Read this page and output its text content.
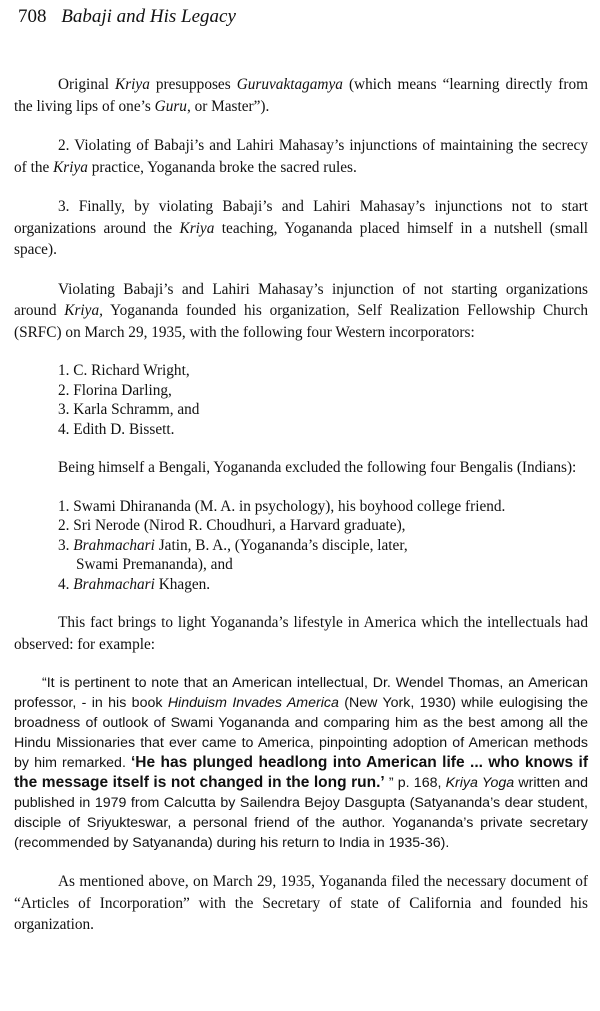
708 Babaji and His Legacy

Original Kriya presupposes Guruvaktagamya (which means “learning directly from the living lips of one’s Guru, or Master”).

2. Violating of Babaji’s and Lahiri Mahasay’s injunctions of maintaining the secrecy of the Kriya practice, Yogananda broke the sacred rules.

3. Finally, by violating Babaji’s and Lahiri Mahasay’s injunctions not to start organizations around the Kriya teaching, Yogananda placed himself in a nutshell (small space).

Violating Babaji’s and Lahiri Mahasay’s injunction of not starting organizations around Kriya, Yogananda founded his organization, Self Realization Fellowship Church (SRFC) on March 29, 1935, with the following four Western incorporators:

1. C. Richard Wright,
2. Florina Darling,
3. Karla Schramm, and
4. Edith D. Bissett.

Being himself a Bengali, Yogananda excluded the following four Bengalis (Indians):

1. Swami Dhirananda (M. A. in psychology), his boyhood college friend.
2. Sri Nerode (Nirod R. Choudhuri, a Harvard graduate),
3. Brahmachari Jatin, B. A., (Yogananda’s disciple, later,
Swami Premananda), and
4. Brahmachari Khagen.

This fact brings to light Yogananda’s lifestyle in America which the intellectuals had observed: for example:

“It is pertinent to note that an American intellectual, Dr. Wendel Thomas, an American professor, - in his book Hinduism Invades America (New York, 1930) while eulogising the broadness of outlook of Swami Yogananda and comparing him as the best among all the Hindu Missionaries that ever came to America, pinpointing adoption of American methods by him remarked. ‘He has plunged headlong into American life ... who knows if the message itself is not changed in the long run.’ ” p. 168, Kriya Yoga written and published in 1979 from Calcutta by Sailendra Bejoy Dasgupta (Satyananda’s dear student, disciple of Sriyukteswar, a personal friend of the author. Yogananda’s private secretary (recommended by Satyananda) during his return to India in 1935-36).

As mentioned above, on March 29, 1935, Yogananda filed the necessary document of “Articles of Incorporation” with the Secretary of state of California and founded his organization.
